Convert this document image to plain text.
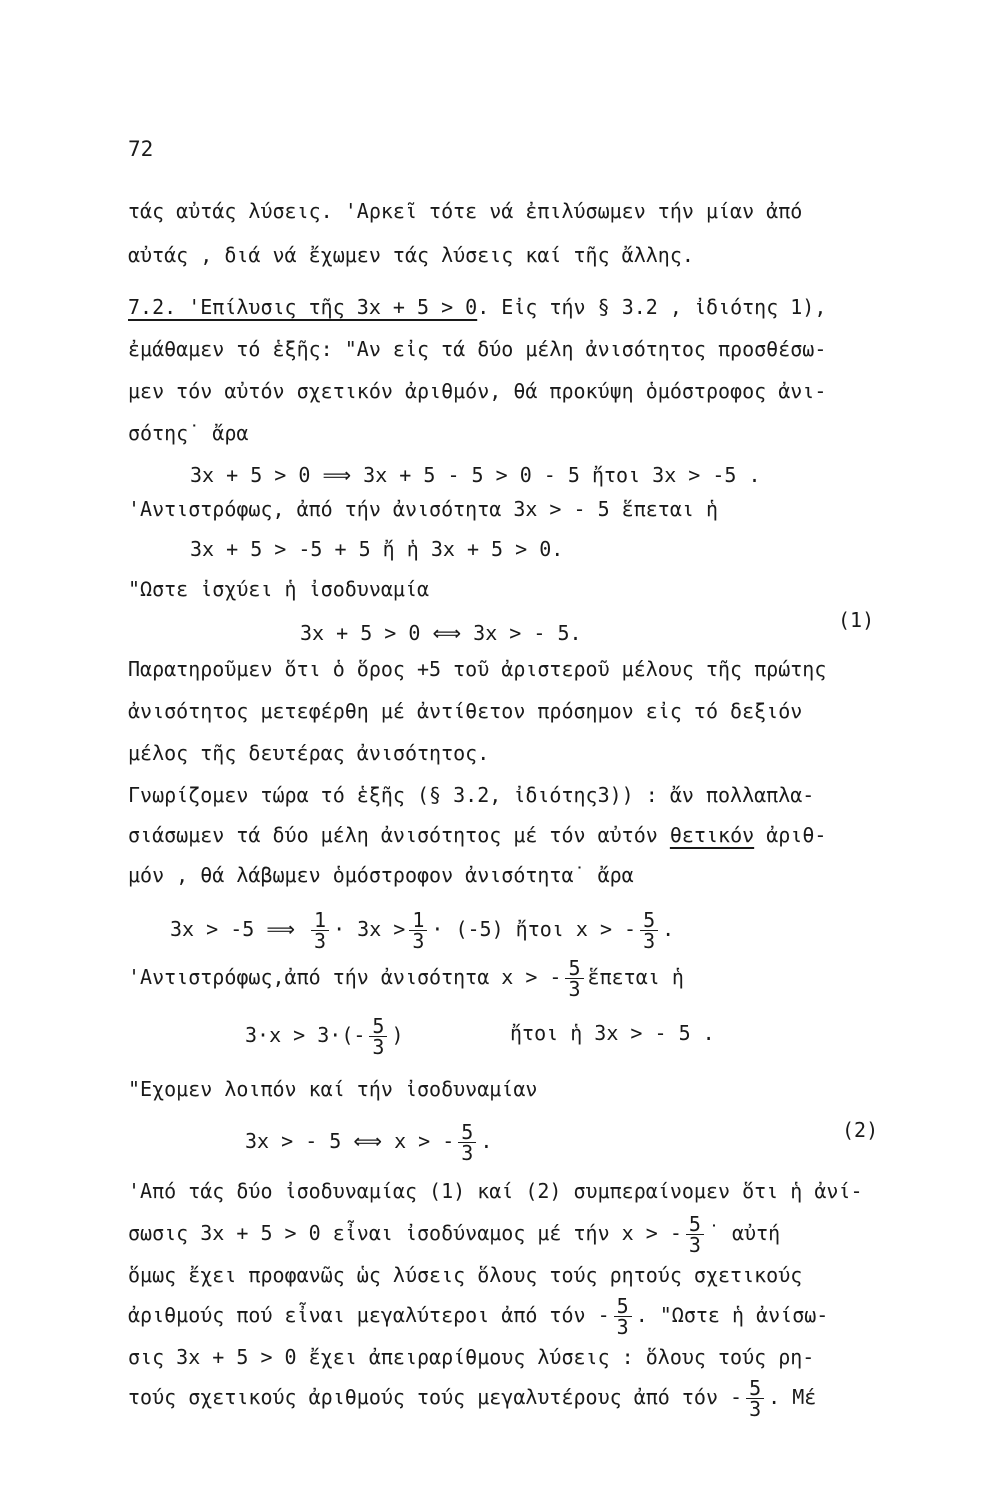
72
τάς αὐτάς λύσεις. 'Αρκεῖ τότε νά ἐπιλύσωμεν τήν μίαν ἀπό
αὐτάς , διά νά ἔχωμεν τάς λύσεις καί τῆς ἄλλης.
7.2. 'Επίλυσις τῆς 3x + 5 > 0. Εἰς τήν § 3.2 , ἰδιότης 1),
ἐμάθαμεν τό ἑξῆς: "Αν εἰς τά δύο μέλη ἀνισότητος προσθέσω-
μεν τόν αὐτόν σχετικόν ἀριθμόν, θά προκύψη ὁμόστροφος ἀνι-
σότης˙ ἄρα
3x + 5 > 0 ⟹ 3x + 5 - 5 > 0 - 5 ἤτοι 3x > -5 .
'Αντιστρόφως, ἀπό τήν ἀνισότητα 3x > - 5 ἕπεται ἡ
3x + 5 > -5 + 5 ἤ ἡ 3x + 5 > 0.
"Ωστε ἰσχύει ἡ ἰσοδυναμία
3x + 5 > 0 ⟺ 3x > - 5.
(1)
Παρατηροῦμεν ὅτι ὁ ὅρος +5 τοῦ ἀριστεροῦ μέλους τῆς πρώτης
ἀνισότητος μετεφέρθη μέ ἀντίθετον πρόσημον εἰς τό δεξιόν
μέλος τῆς δευτέρας ἀνισότητος.
Γνωρίζομεν τώρα τό ἑξῆς (§ 3.2, ἰδιότης3)) : ἄν πολλαπλα-
σιάσωμεν τά δύο μέλη ἀνισότητος μέ τόν αὐτόν θετικόν ἀριθ-
μόν , θά λάβωμεν ὁμόστροφον ἀνισότητα˙ ἄρα
3x > -5 ⟹ $\frac{1}{3} \cdot 3x > \frac{1}{3} \cdot (-5)$ ἤτοι x > - $\frac{5}{3}$ .
'Αντιστρόφως,ἀπό τήν ἀνισότητα x > - $\frac{5}{3}$ ἕπεται ἡ
$3\cdot x > 3\cdot(- \frac{5}{3}$ )	ἤτοι ἡ 3x > - 5 .
"Εχομεν λοιπόν καί τήν ἰσοδυναμίαν
3x > - 5 ⟺ x > - $\frac{5}{3}$ .	(2)
'Από τάς δύο ἰσοδυναμίας (1) καί (2) συμπεραίνομεν ὅτι ἡ ἀνί-
σωσις 3x + 5 > 0 εἶναι ἰσοδύναμος μέ τήν x > - $\frac{5}{3}$ ˙ αὐτή
ὅμως ἔχει προφανῶς ὡς λύσεις ὅλους τούς ρητούς σχετικούς
ἀριθμούς πού εἶναι μεγαλύτεροι ἀπό τόν - $\frac{5}{3}$ . "Ωστε ἡ ἀνίσω-
σις 3x + 5 > 0 ἔχει ἀπειραρίθμους λύσεις : ὅλους τούς ρη-
τούς σχετικούς ἀριθμούς τούς μεγαλυτέρους ἀπό τόν - $\frac{5}{3}$ . Μέ
